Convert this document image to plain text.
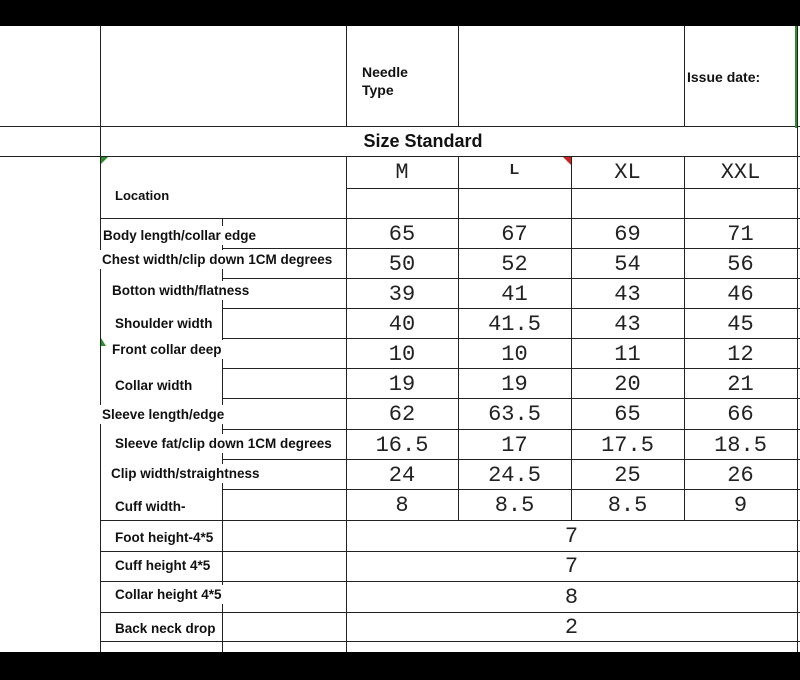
Needle
Type
Issue date:
Size Standard
Location
M	L	XL	XXL
Body length/collar edge	65	67	69	71
Chest width/clip down 1CM degrees	50	52	54	56
Botton width/flatness	39	41	43	46
Shoulder width	40	41.5	43	45
Front collar deep	10	10	11	12
Collar width	19	19	20	21
Sleeve length/edge	62	63.5	65	66
Sleeve fat/clip down 1CM degrees	16.5	17	17.5	18.5
Clip width/straightness	24	24.5	25	26
Cuff width-	8	8.5	8.5	9
Foot height-4*5	7
Cuff height 4*5	7
Collar height 4*5	8
Back neck drop	2
